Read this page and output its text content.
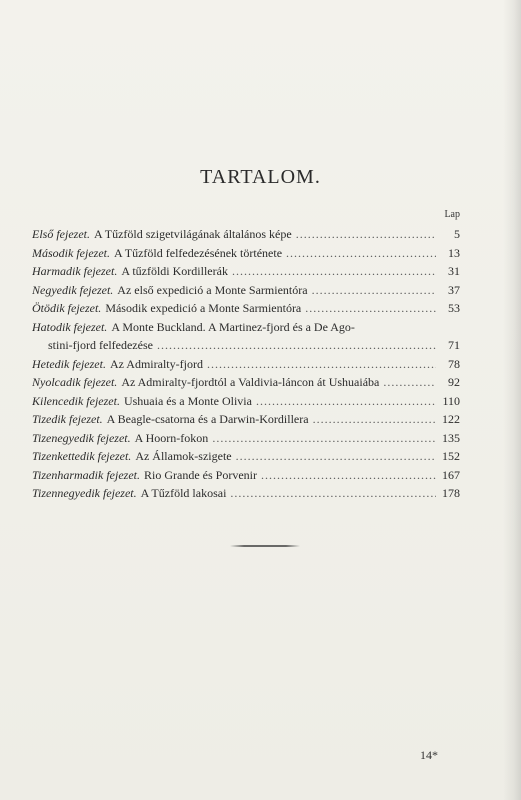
TARTALOM.
Lap
Első fejezet. A Tűzföld szigetvilágának általános képe . . .	5
Második fejezet. A Tűzföld felfedezésének története . . .	13
Harmadik fejezet. A tűzföldi Kordillerák . . .	31
Negyedik fejezet. Az első expedició a Monte Sarmientóra . . .	37
Ötödik fejezet. Második expedició a Monte Sarmientóra . . .	53
Hatodik fejezet. A Monte Buckland. A Martinez-fjord és a De Ago-
stini-fjord felfedezése . . .	71
Hetedik fejezet. Az Admiralty-fjord . . .	78
Nyolcadik fejezet. Az Admiralty-fjordtól a Valdivia-láncon át Ushuaiába . . .	92
Kilencedik fejezet. Ushuaia és a Monte Olivia . . .	110
Tizedik fejezet. A Beagle-csatorna és a Darwin-Kordillera . . .	122
Tizenegyedik fejezet. A Hoorn-fokon . . .	135
Tizenkettedik fejezet. Az Államok-szigete . . .	152
Tizenharmadik fejezet. Rio Grande és Porvenir . . .	167
Tizennegyedik fejezet. A Tűzföld lakosai . . .	178
14*
